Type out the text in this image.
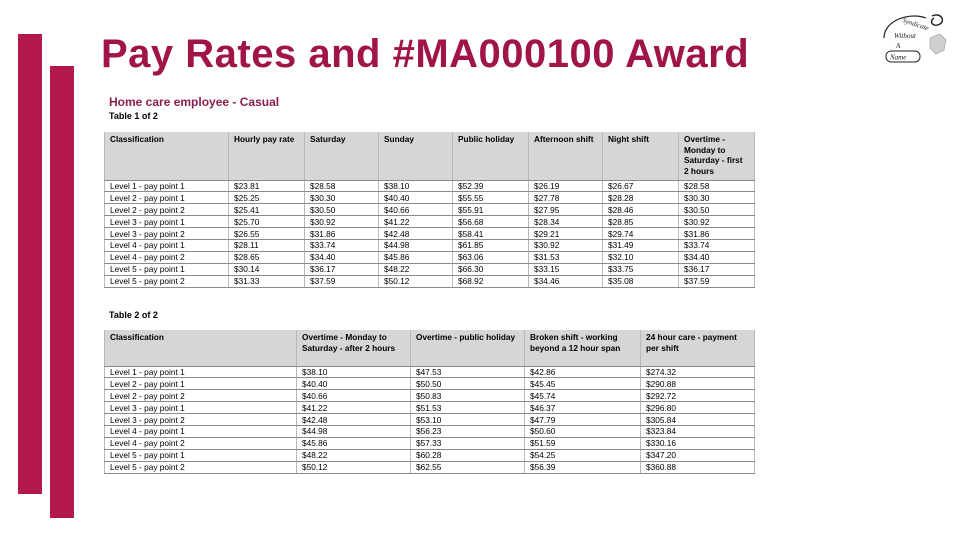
Pay Rates and #MA000100 Award
Syndicate
Without
A
Name
Home care employee - Casual
Table 1 of 2
Classification	Hourly pay rate	Saturday	Sunday	Public holiday	Afternoon shift	Night shift	Overtime - Monday to Saturday - first 2 hours
Level 1 - pay point 1	$23.81	$28.58	$38.10	$52.39	$26.19	$26.67	$28.58
Level 2 - pay point 1	$25.25	$30.30	$40.40	$55.55	$27.78	$28.28	$30.30
Level 2 - pay point 2	$25.41	$30.50	$40.66	$55.91	$27.95	$28.46	$30.50
Level 3 - pay point 1	$25.70	$30.92	$41.22	$56.68	$28.34	$28.85	$30.92
Level 3 - pay point 2	$26.55	$31.86	$42.48	$58.41	$29.21	$29.74	$31.86
Level 4 - pay point 1	$28.11	$33.74	$44.98	$61.85	$30.92	$31.49	$33.74
Level 4 - pay point 2	$28.65	$34.40	$45.86	$63.06	$31.53	$32.10	$34.40
Level 5 - pay point 1	$30.14	$36.17	$48.22	$66.30	$33.15	$33.75	$36.17
Level 5 - pay point 2	$31.33	$37.59	$50.12	$68.92	$34.46	$35.08	$37.59
Table 2 of 2
Classification	Overtime - Monday to Saturday - after 2 hours	Overtime - public holiday	Broken shift - working beyond a 12 hour span	24 hour care - payment per shift
Level 1 - pay point 1	$38.10	$47.53	$42.86	$274.32
Level 2 - pay point 1	$40.40	$50.50	$45.45	$290.88
Level 2 - pay point 2	$40.66	$50.83	$45.74	$292.72
Level 3 - pay point 1	$41.22	$51.53	$46.37	$296.80
Level 3 - pay point 2	$42.48	$53.10	$47.79	$305.84
Level 4 - pay point 1	$44.98	$56.23	$50.60	$323.84
Level 4 - pay point 2	$45.86	$57.33	$51.59	$330.16
Level 5 - pay point 1	$48.22	$60.28	$54.25	$347.20
Level 5 - pay point 2	$50.12	$62.55	$56.39	$360.88
